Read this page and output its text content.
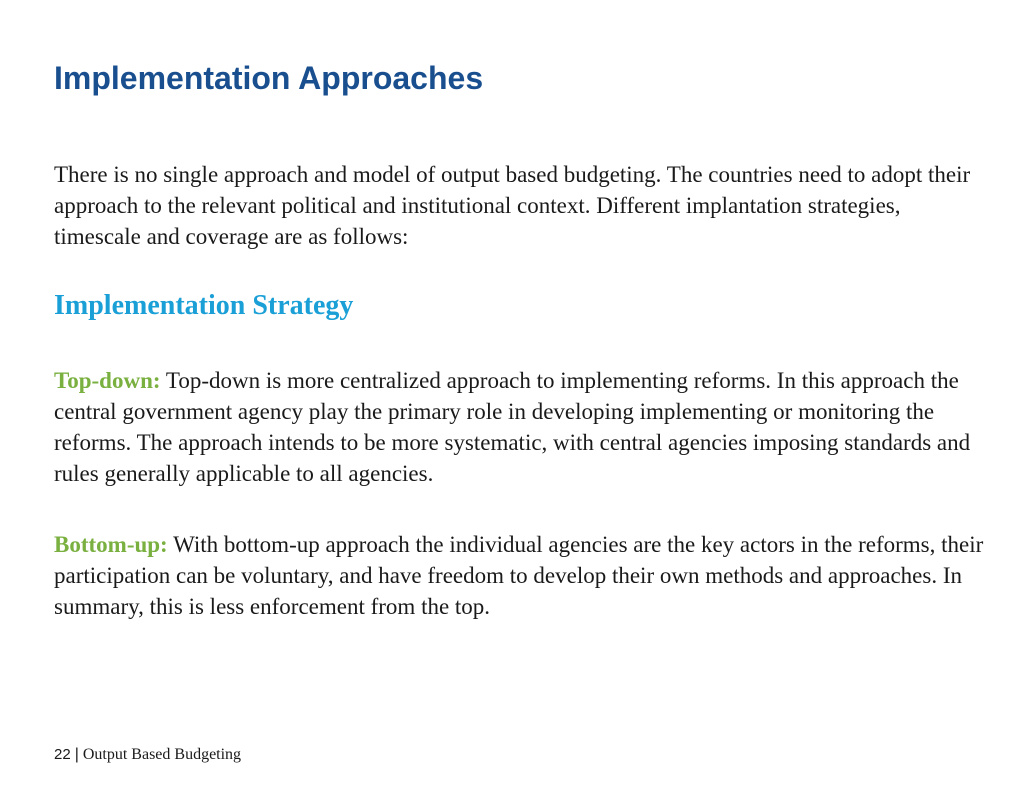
Implementation Approaches

There is no single approach and model of output based budgeting. The countries need to adopt their approach to the relevant political and institutional context. Different implantation strategies, timescale and coverage are as follows:

Implementation Strategy

Top-down: Top-down is more centralized approach to implementing reforms. In this approach the central government agency play the primary role in developing implementing or monitoring the reforms. The approach intends to be more systematic, with central agencies imposing standards and rules generally applicable to all agencies.

Bottom-up: With bottom-up approach the individual agencies are the key actors in the reforms, their participation can be voluntary, and have freedom to develop their own methods and approaches. In summary, this is less enforcement from the top.

22 | Output Based Budgeting
